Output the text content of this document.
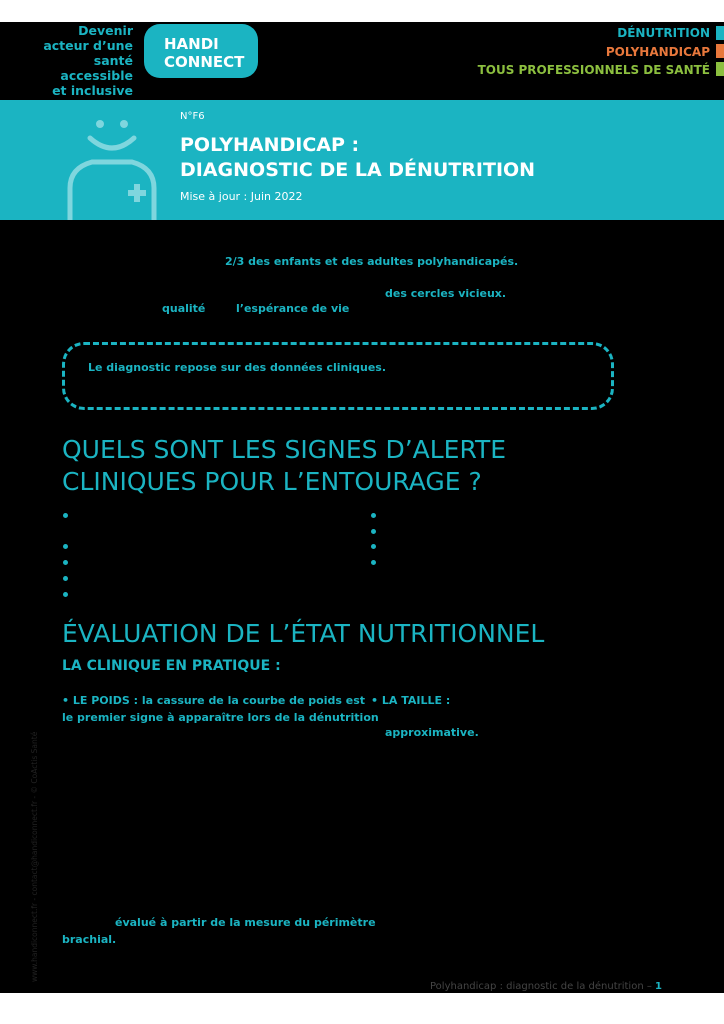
Devenir
acteur d’une
santé accessible
et inclusive
HANDI
CONNECT
DÉNUTRITION
POLYHANDICAP
TOUS PROFESSIONNELS DE SANTÉ
N°F6
POLYHANDICAP :
DIAGNOSTIC DE LA DÉNUTRITION
Mise à jour : Juin 2022
2/3 des enfants et des adultes polyhandicapés.
des cercles vicieux.
qualité	l’espérance de vie
Le diagnostic repose sur des données cliniques.
QUELS SONT LES SIGNES D’ALERTE
CLINIQUES POUR L’ENTOURAGE ?
ÉVALUATION DE L’ÉTAT NUTRITIONNEL
LA CLINIQUE EN PRATIQUE :
• LE POIDS : la cassure de la courbe de poids est
le premier signe à apparaître lors de la dénutrition
• LA TAILLE :
approximative.
évalué à partir de la mesure du périmètre
brachial.
www.handiconnect.fr - contact@handiconnect.fr - © CoActis Santé
Polyhandicap : diagnostic de la dénutrition – 1
